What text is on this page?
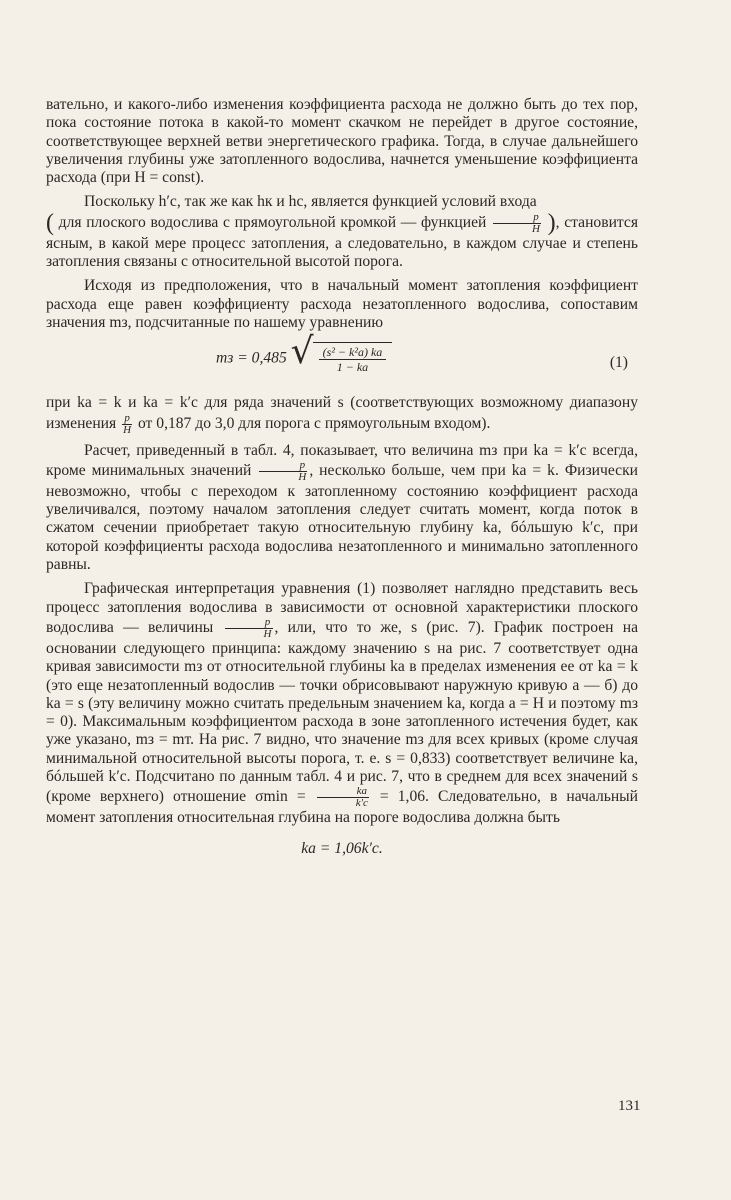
вательно, и какого-либо изменения коэффициента расхода не должно быть до тех пор, пока состояние потока в какой-то момент скачком не перейдет в другое состояние, соответствующее верхней ветви энергетического графика. Тогда, в случае дальнейшего увеличения глубины уже затопленного водослива, начнется уменьшение коэффициента расхода (при H = const).

Поскольку h′с, так же как hк и hс, является функцией условий входа
( для плоского водослива с прямоугольной кромкой — функцией $\frac{p}{H}$ ), становится ясным, в какой мере процесс затопления, а следовательно, в каждом случае и степень затопления связаны с относительной высотой порога.

Исходя из предположения, что в начальный момент затопления коэффициент расхода еще равен коэффициенту расхода незатопленного водослива, сопоставим значения mз, подсчитанные по нашему уравнению

mз = 0,485 √ $\frac{\text{(s² − k²a) ka}}{1 - ka}$	(1)

при ka = k и ka = k′с для ряда значений s (соответствующих возможному диапазону изменения $\frac{p}{H}$ от 0,187 до 3,0 для порога с прямоугольным входом).

Расчет, приведенный в табл. 4, показывает, что величина mз при ka = k′с всегда, кроме минимальных значений $\frac{p}{H}$ , несколько больше, чем при ka = k. Физически невозможно, чтобы с переходом к затопленному состоянию коэффициент расхода увеличивался, поэтому началом затопления следует считать момент, когда поток в сжатом сечении приобретает такую относительную глубину ka, бóльшую k′с, при которой коэффициенты расхода водослива незатопленного и минимально затопленного равны.

Графическая интерпретация уравнения (1) позволяет наглядно представить весь процесс затопления водослива в зависимости от основной характеристики плоского водослива — величины $\frac{p}{H}$ , или, что то же, s (рис. 7). График построен на основании следующего принципа: каждому значению s на рис. 7 соответствует одна кривая зависимости mз от относительной глубины ka в пределах изменения ее от ka = k (это еще незатопленный водослив — точки обрисовывают наружную кривую a — б) до ka = s (эту величину можно считать предельным значением ka, когда a = H и поэтому mз = 0). Максимальным коэффициентом расхода в зоне затопленного истечения будет, как уже указано, mз = mт. На рис. 7 видно, что значение mз для всех кривых (кроме случая минимальной относительной высоты порога, т. е. s = 0,833) соответствует величине ka, бóльшей k′с. Подсчитано по данным табл. 4 и рис. 7, что в среднем для всех значений s (кроме верхнего) отношение $\sigma\min = \frac{ka}{k'с} = 1,06$. Следовательно, в начальный момент затопления относительная глубина на пороге водослива должна быть

ka = 1,06k′с.
131
